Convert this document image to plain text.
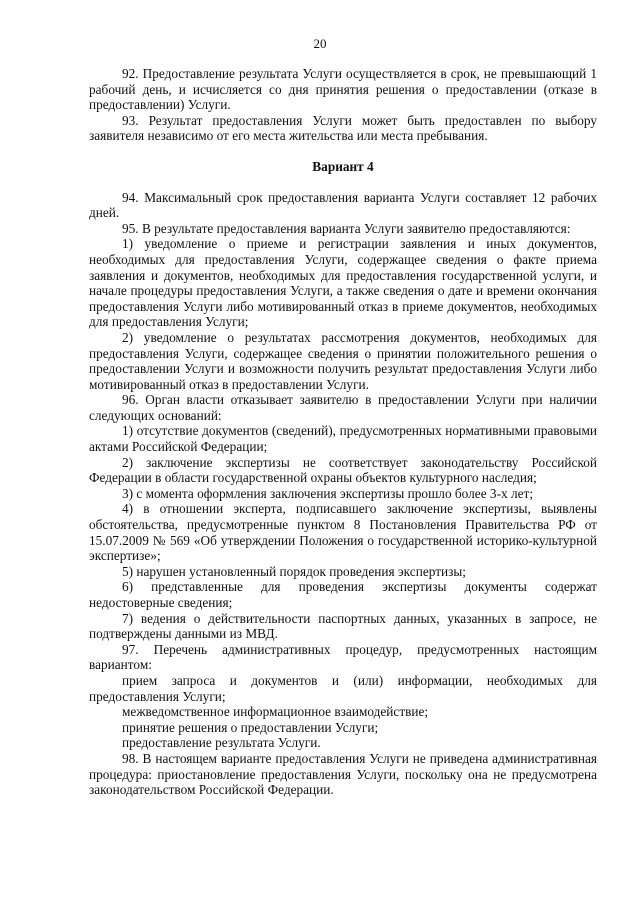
20

92. Предоставление результата Услуги осуществляется в срок, не превышающий 1 рабочий день, и исчисляется со дня принятия решения о предоставлении (отказе в предоставлении) Услуги.

93. Результат предоставления Услуги может быть предоставлен по выбору заявителя независимо от его места жительства или места пребывания.

Вариант 4

94. Максимальный срок предоставления варианта Услуги составляет 12 рабочих дней.

95. В результате предоставления варианта Услуги заявителю предоставляются:

1) уведомление о приеме и регистрации заявления и иных документов, необходимых для предоставления Услуги, содержащее сведения о факте приема заявления и документов, необходимых для предоставления государственной услуги, и начале процедуры предоставления Услуги, а также сведения о дате и времени окончания предоставления Услуги либо мотивированный отказ в приеме документов, необходимых для предоставления Услуги;

2) уведомление о результатах рассмотрения документов, необходимых для предоставления Услуги, содержащее сведения о принятии положительного решения о предоставлении Услуги и возможности получить результат предоставления Услуги либо мотивированный отказ в предоставлении Услуги.

96. Орган власти отказывает заявителю в предоставлении Услуги при наличии следующих оснований:

1) отсутствие документов (сведений), предусмотренных нормативными правовыми актами Российской Федерации;

2) заключение экспертизы не соответствует законодательству Российской Федерации в области государственной охраны объектов культурного наследия;

3) с момента оформления заключения экспертизы прошло более 3-х лет;

4) в отношении эксперта, подписавшего заключение экспертизы, выявлены обстоятельства, предусмотренные пунктом 8 Постановления Правительства РФ от 15.07.2009 № 569 «Об утверждении Положения о государственной историко-культурной экспертизе»;

5) нарушен установленный порядок проведения экспертизы;

6) представленные для проведения экспертизы документы содержат недостоверные сведения;

7) ведения о действительности паспортных данных, указанных в запросе, не подтверждены данными из МВД.

97. Перечень административных процедур, предусмотренных настоящим вариантом:

прием запроса и документов и (или) информации, необходимых для предоставления Услуги;

межведомственное информационное взаимодействие;

принятие решения о предоставлении Услуги;

предоставление результата Услуги.

98. В настоящем варианте предоставления Услуги не приведена административная процедура: приостановление предоставления Услуги, поскольку она не предусмотрена законодательством Российской Федерации.
